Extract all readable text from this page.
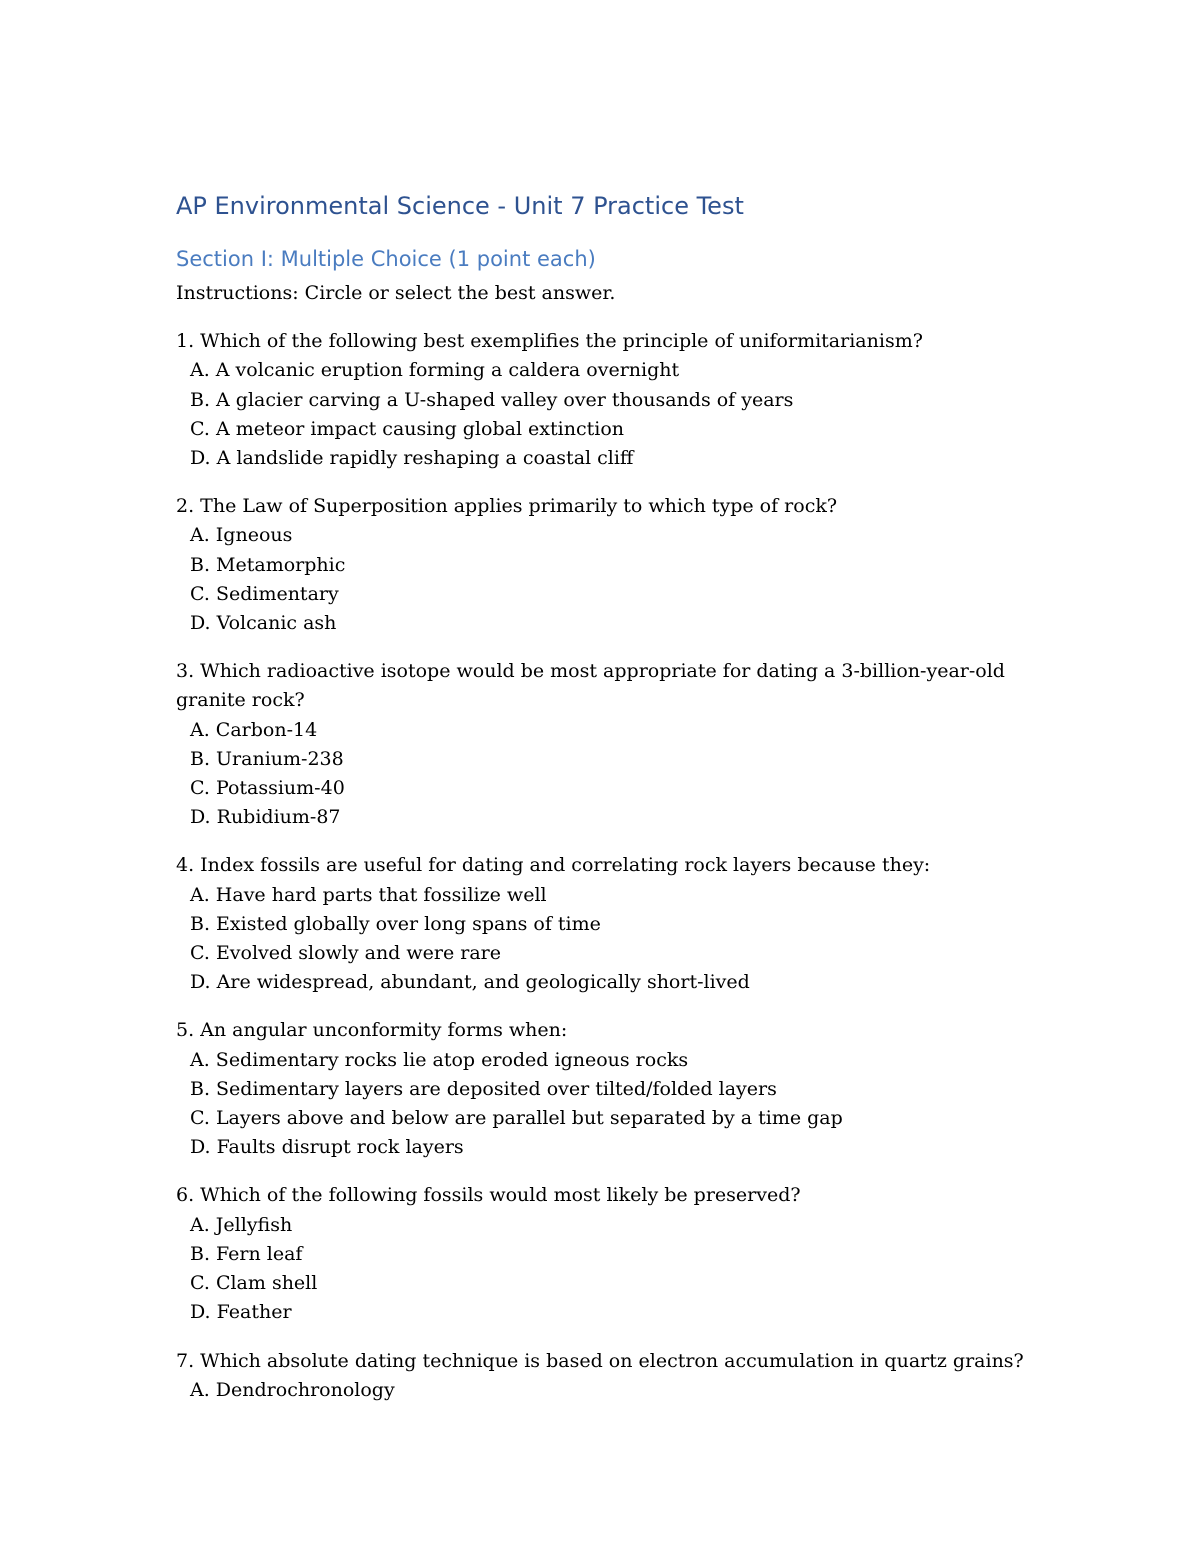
AP Environmental Science - Unit 7 Practice Test
Section I: Multiple Choice (1 point each)
Instructions: Circle or select the best answer.
1. Which of the following best exemplifies the principle of uniformitarianism?
A. A volcanic eruption forming a caldera overnight
B. A glacier carving a U-shaped valley over thousands of years
C. A meteor impact causing global extinction
D. A landslide rapidly reshaping a coastal cliff
2. The Law of Superposition applies primarily to which type of rock?
A. Igneous
B. Metamorphic
C. Sedimentary
D. Volcanic ash
3. Which radioactive isotope would be most appropriate for dating a 3-billion-year-old granite rock?
A. Carbon-14
B. Uranium-238
C. Potassium-40
D. Rubidium-87
4. Index fossils are useful for dating and correlating rock layers because they:
A. Have hard parts that fossilize well
B. Existed globally over long spans of time
C. Evolved slowly and were rare
D. Are widespread, abundant, and geologically short-lived
5. An angular unconformity forms when:
A. Sedimentary rocks lie atop eroded igneous rocks
B. Sedimentary layers are deposited over tilted/folded layers
C. Layers above and below are parallel but separated by a time gap
D. Faults disrupt rock layers
6. Which of the following fossils would most likely be preserved?
A. Jellyfish
B. Fern leaf
C. Clam shell
D. Feather
7. Which absolute dating technique is based on electron accumulation in quartz grains?
A. Dendrochronology
